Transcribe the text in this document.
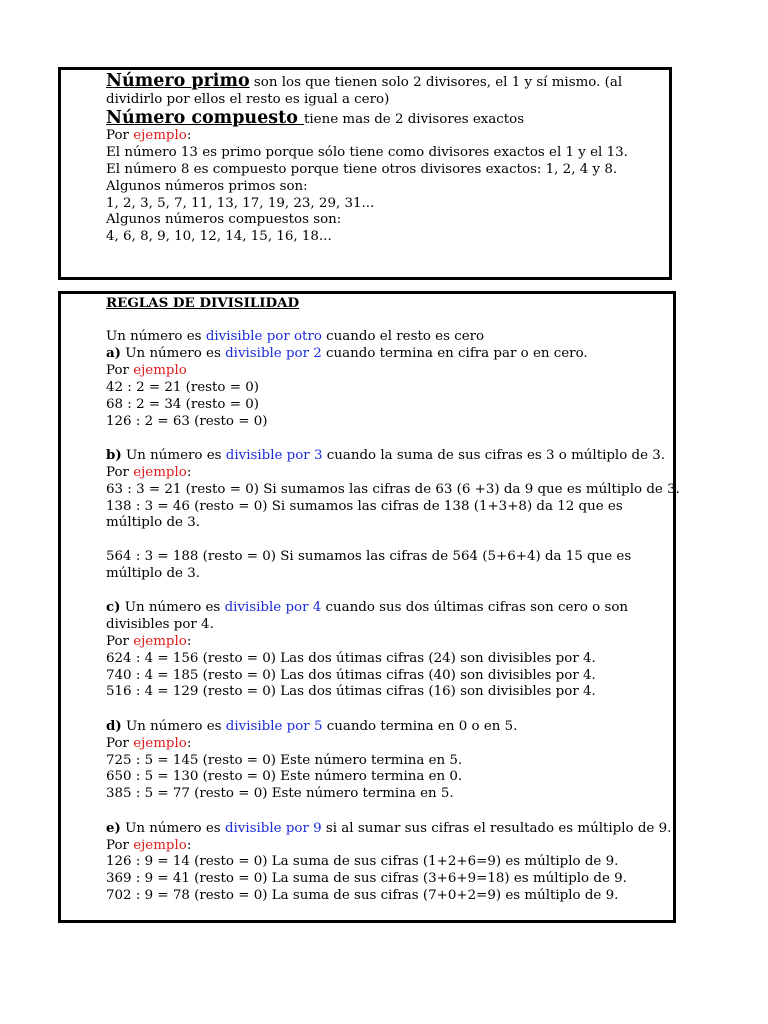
Número primo son los que tienen solo 2 divisores, el 1 y sí mismo. (al dividirlo por ellos el resto es igual a cero)
Número compuesto tiene mas de 2 divisores exactos
Por ejemplo:
El número 13 es primo porque sólo tiene como divisores exactos el 1 y el 13.
El número 8 es compuesto porque tiene otros divisores exactos: 1, 2, 4 y 8.
Algunos números primos son:
1, 2, 3, 5, 7, 11, 13, 17, 19, 23, 29, 31...
Algunos números compuestos son:
4, 6, 8, 9, 10, 12, 14, 15, 16, 18...
REGLAS DE DIVISILIDAD
Un número es divisible por otro cuando el resto es cero
a) Un número es divisible por 2 cuando termina en cifra par o en cero.
Por ejemplo
42 : 2 = 21 (resto = 0)
68 : 2 = 34 (resto = 0)
126 : 2 = 63 (resto = 0)
b) Un número es divisible por 3 cuando la suma de sus cifras es 3 o múltiplo de 3.
Por ejemplo:
63 : 3 = 21 (resto = 0) Si sumamos las cifras de 63 (6 +3) da 9 que es múltiplo de 3.
138 : 3 = 46 (resto = 0) Si sumamos las cifras de 138 (1+3+8) da 12 que es múltiplo de 3.
564 : 3 = 188 (resto = 0) Si sumamos las cifras de 564 (5+6+4) da 15 que es múltiplo de 3.
c) Un número es divisible por 4 cuando sus dos últimas cifras son cero o son divisibles por 4.
Por ejemplo:
624 : 4 = 156 (resto = 0) Las dos útimas cifras (24) son divisibles por 4.
740 : 4 = 185 (resto = 0) Las dos útimas cifras (40) son divisibles por 4.
516 : 4 = 129 (resto = 0) Las dos útimas cifras (16) son divisibles por 4.
d) Un número es divisible por 5 cuando termina en 0 o en 5.
Por ejemplo:
725 : 5 = 145 (resto = 0) Este número termina en 5.
650 : 5 = 130 (resto = 0) Este número termina en 0.
385 : 5 = 77 (resto = 0) Este número termina en 5.
e) Un número es divisible por 9 si al sumar sus cifras el resultado es múltiplo de 9.
Por ejemplo:
126 : 9 = 14 (resto = 0) La suma de sus cifras (1+2+6=9) es múltiplo de 9.
369 : 9 = 41 (resto = 0) La suma de sus cifras (3+6+9=18) es múltiplo de 9.
702 : 9 = 78 (resto = 0) La suma de sus cifras (7+0+2=9) es múltiplo de 9.
